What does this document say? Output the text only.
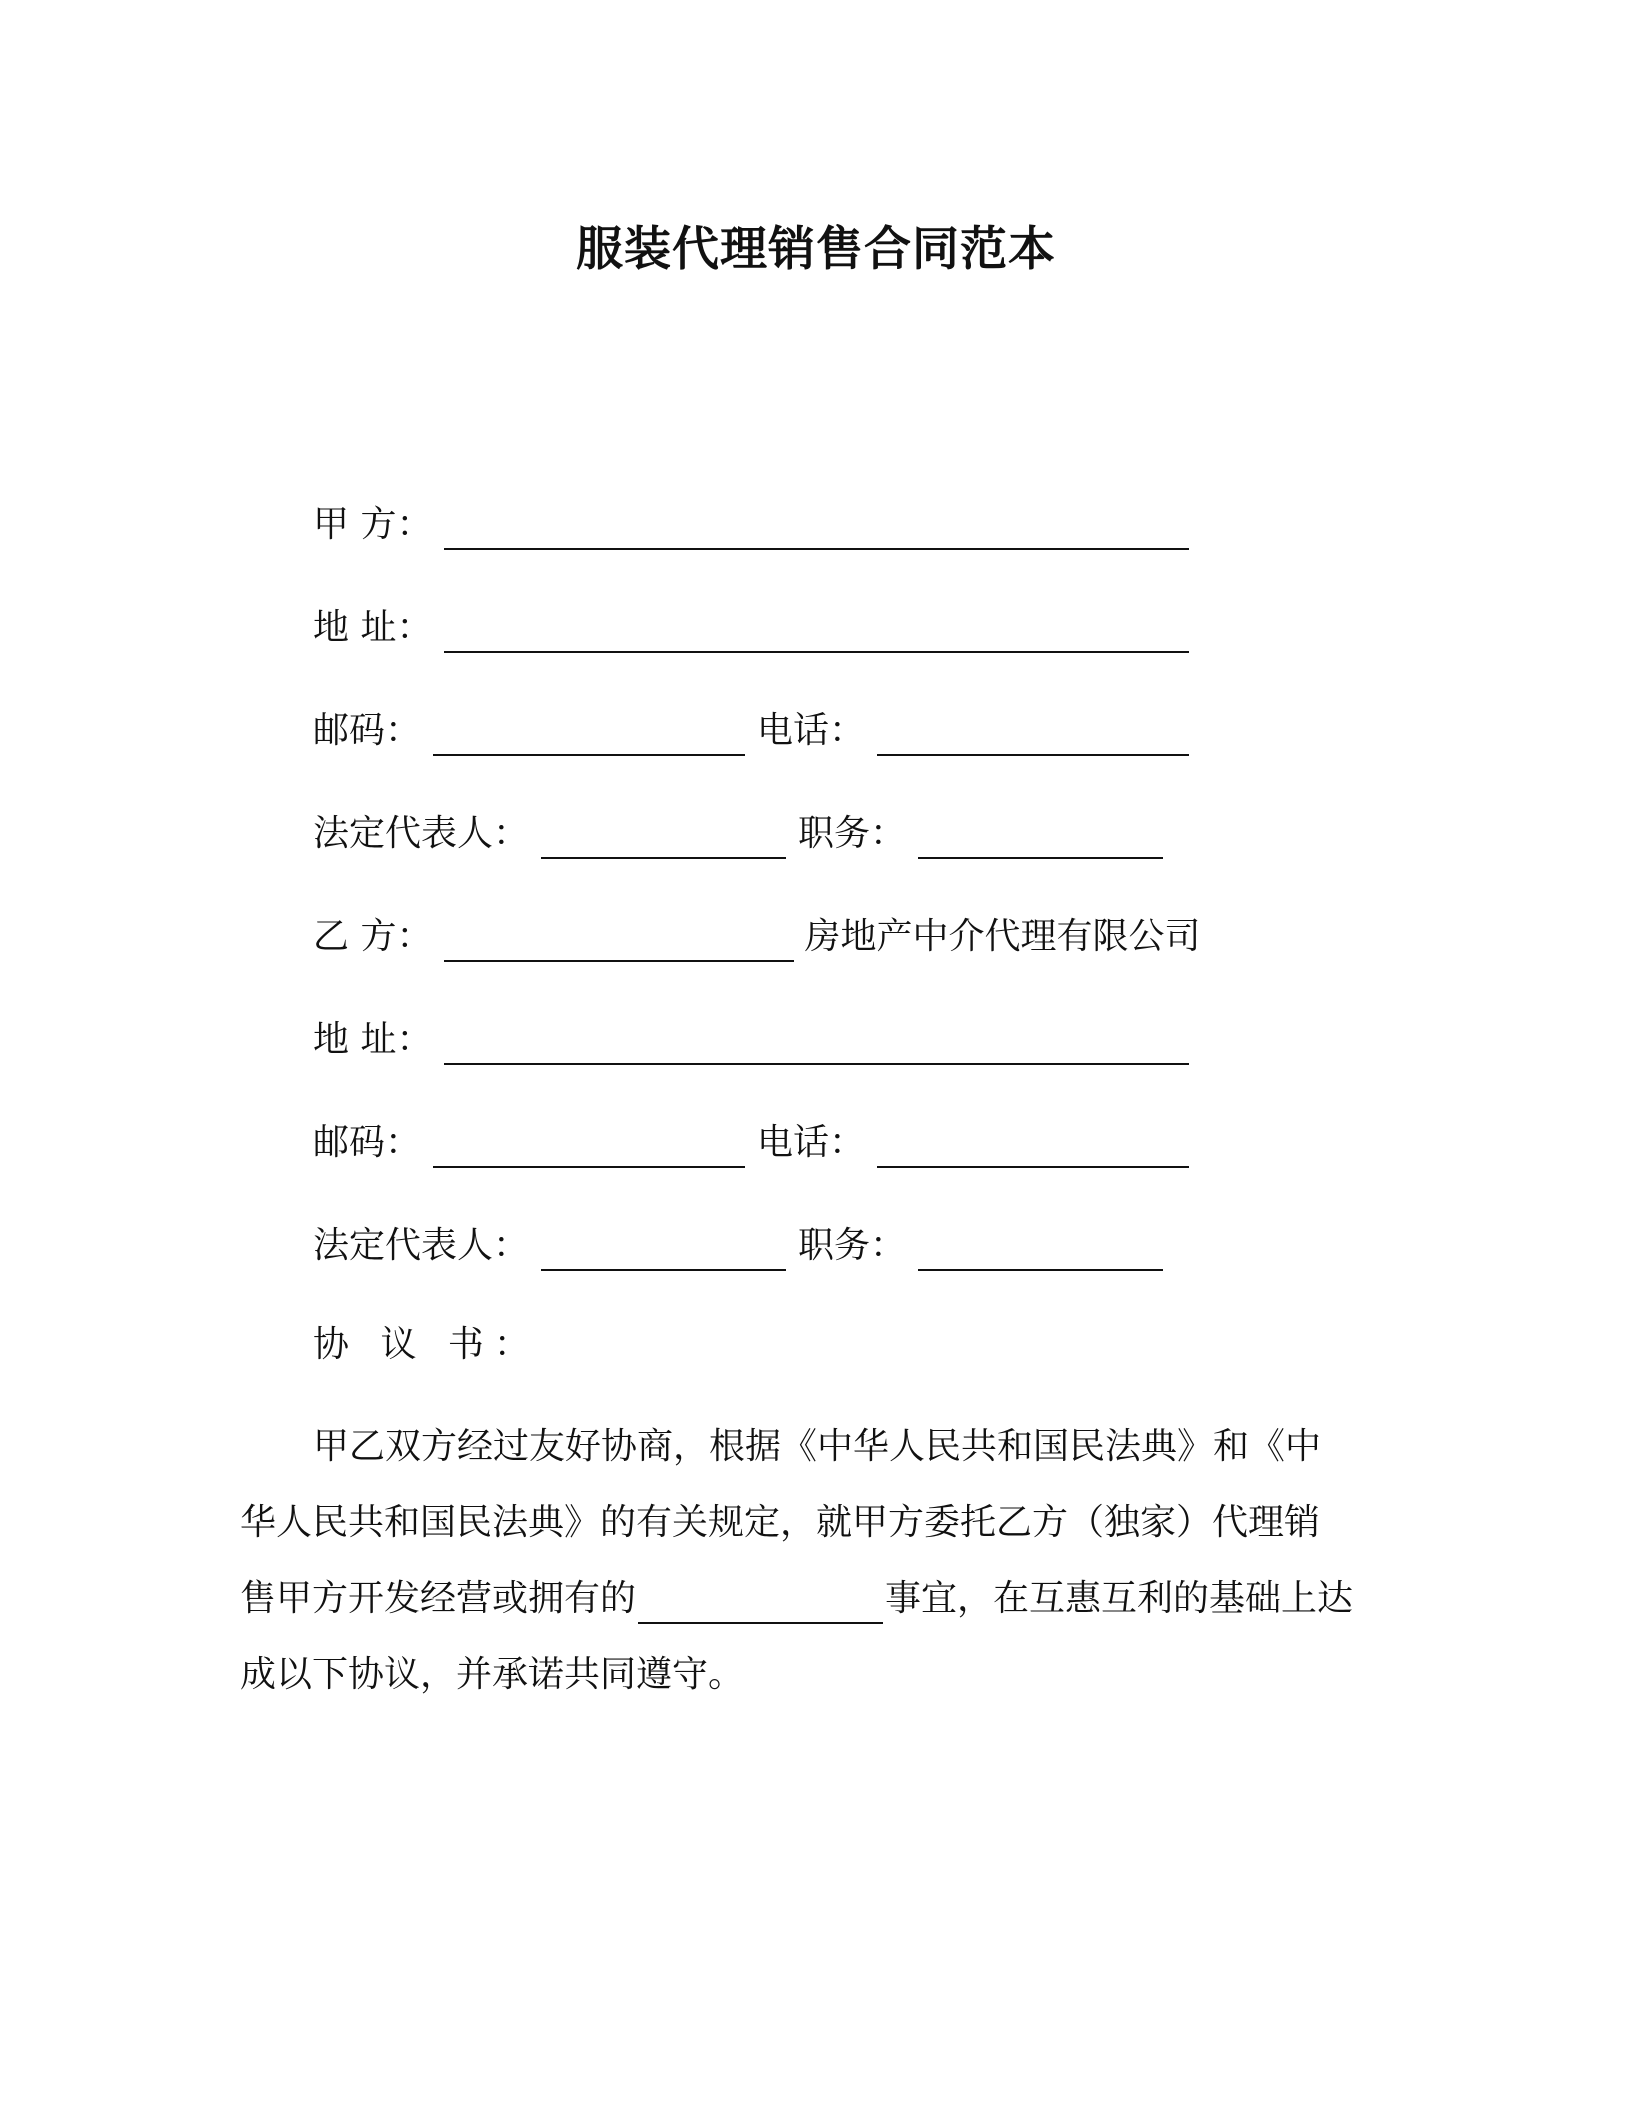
服装代理销售合同范本
甲 方：
地 址：
邮码：	电话：
法定代表人：	职务：
乙 方：	房地产中介代理有限公司
地 址：
邮码：	电话：
法定代表人：	职务：
协 议 书：
甲乙双方经过友好协商，根据《中华人民共和国民法典》和《中
华人民共和国民法典》的有关规定，就甲方委托乙方（独家）代理销
售甲方开发经营或拥有的	事宜，在互惠互利的基础上达
成以下协议，并承诺共同遵守。
